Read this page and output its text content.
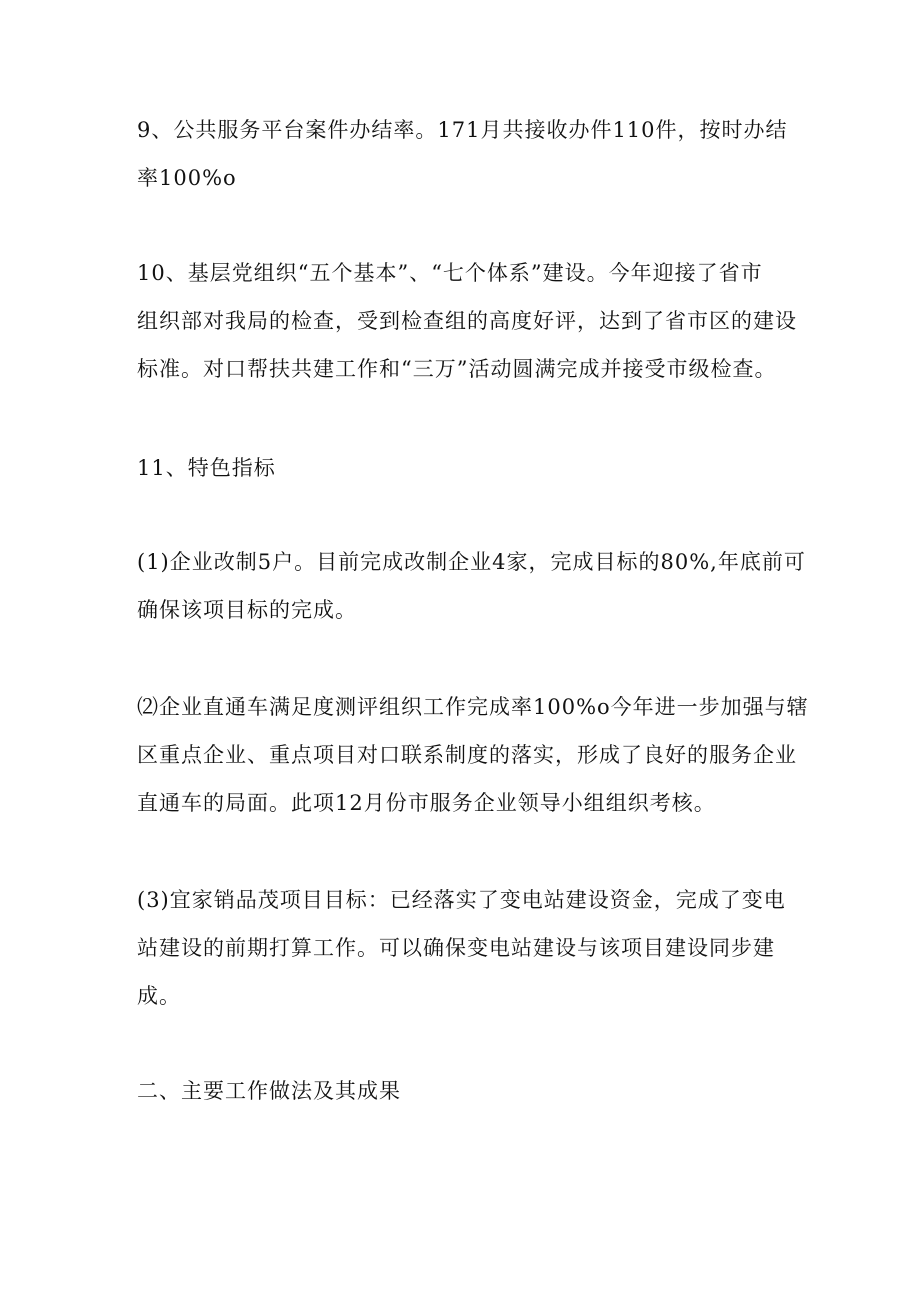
9、公共服务平台案件办结率。171月共接收办件110件，按时办结
率100%o

10、基层党组织“五个基本”、“七个体系”建设。今年迎接了省市
组织部对我局的检查，受到检查组的高度好评，达到了省市区的建设
标准。对口帮扶共建工作和“三万”活动圆满完成并接受市级检查。

11、特色指标

(1)企业改制5户。目前完成改制企业4家，完成目标的80%,年底前可
确保该项目标的完成。

⑵企业直通车满足度测评组织工作完成率100%o今年进一步加强与辖
区重点企业、重点项目对口联系制度的落实，形成了良好的服务企业
直通车的局面。此项12月份市服务企业领导小组组织考核。

(3)宜家销品茂项目目标：已经落实了变电站建设资金，完成了变电
站建设的前期打算工作。可以确保变电站建设与该项目建设同步建
成。

二、主要工作做法及其成果
